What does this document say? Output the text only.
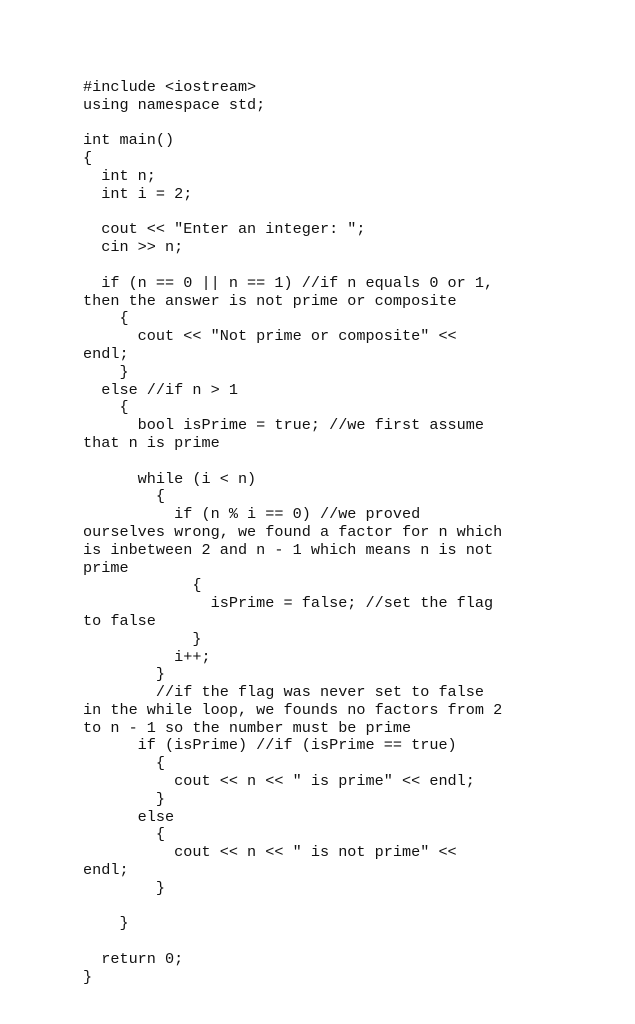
#include <iostream>
using namespace std;
int main()
{
int n;
int i = 2;
cout << "Enter an integer: ";
cin >> n;
if (n == 0 || n == 1) //if n equals 0 or 1,
then the answer is not prime or composite
{
cout << "Not prime or composite" <<
endl;
}
else //if n > 1
{
bool isPrime = true; //we first assume
that n is prime
while (i < n)
{
if (n % i == 0) //we proved
ourselves wrong, we found a factor for n which
is inbetween 2 and n - 1 which means n is not
prime
{
isPrime = false; //set the flag
to false
}
i++;
}
//if the flag was never set to false
in the while loop, we founds no factors from 2
to n - 1 so the number must be prime
if (isPrime) //if (isPrime == true)
{
cout << n << " is prime" << endl;
}
else
{
cout << n << " is not prime" <<
endl;
}
}
return 0;
}
